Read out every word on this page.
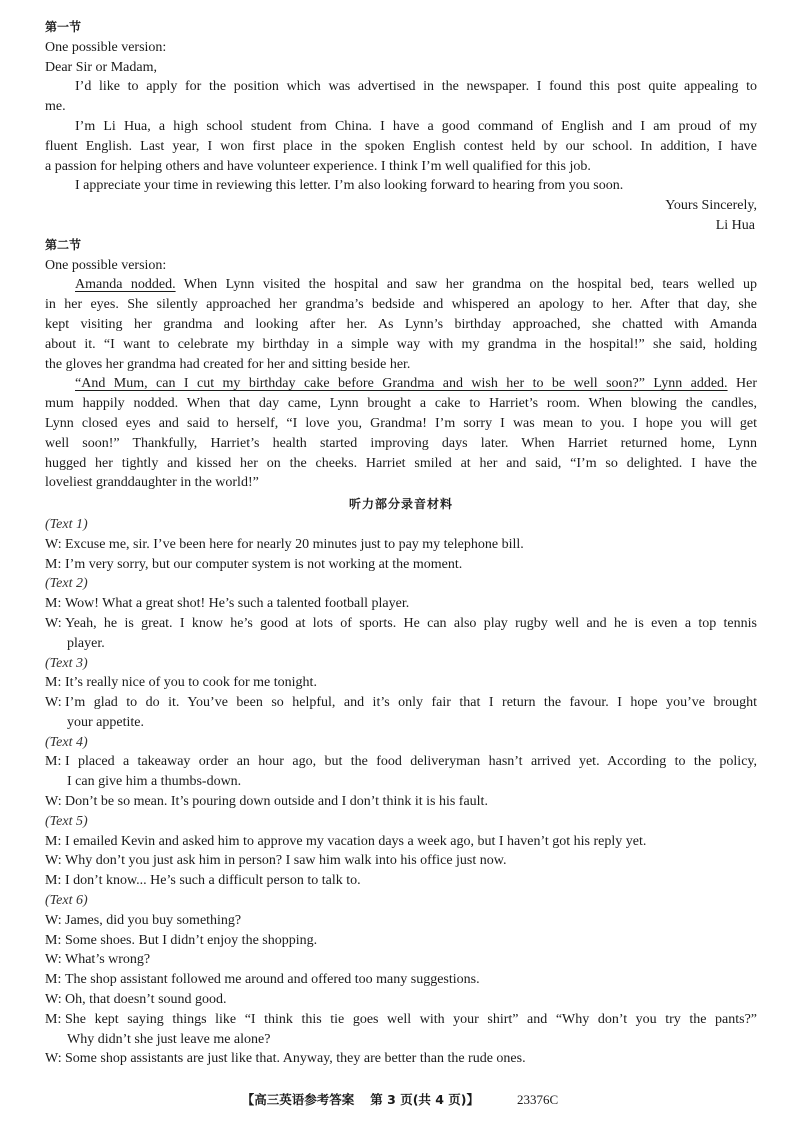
第一节
One possible version:
Dear Sir or Madam,
I’d like to apply for the position which was advertised in the newspaper. I found this post quite appealing to
me.
I’m Li Hua, a high school student from China. I have a good command of English and I am proud of my
fluent English. Last year, I won first place in the spoken English contest held by our school. In addition, I have
a passion for helping others and have volunteer experience. I think I’m well qualified for this job.
I appreciate your time in reviewing this letter. I’m also looking forward to hearing from you soon.
Yours Sincerely,
Li Hua
第二节
One possible version:
Amanda nodded. When Lynn visited the hospital and saw her grandma on the hospital bed, tears welled up
in her eyes. She silently approached her grandma’s bedside and whispered an apology to her. After that day, she
kept visiting her grandma and looking after her. As Lynn’s birthday approached, she chatted with Amanda
about it. “I want to celebrate my birthday in a simple way with my grandma in the hospital!” she said, holding
the gloves her grandma had created for her and sitting beside her.
“And Mum, can I cut my birthday cake before Grandma and wish her to be well soon?” Lynn added. Her
mum happily nodded. When that day came, Lynn brought a cake to Harriet’s room. When blowing the candles,
Lynn closed eyes and said to herself, “I love you, Grandma! I’m sorry I was mean to you. I hope you will get
well soon!” Thankfully, Harriet’s health started improving days later. When Harriet returned home, Lynn
hugged her tightly and kissed her on the cheeks. Harriet smiled at her and said, “I’m so delighted. I have the
loveliest granddaughter in the world!”
听力部分录音材料
(Text 1)
W: Excuse me, sir. I’ve been here for nearly 20 minutes just to pay my telephone bill.
M: I’m very sorry, but our computer system is not working at the moment.
(Text 2)
M: Wow! What a great shot! He’s such a talented football player.
W: Yeah, he is great. I know he’s good at lots of sports. He can also play rugby well and he is even a top tennis
player.
(Text 3)
M: It’s really nice of you to cook for me tonight.
W: I’m glad to do it. You’ve been so helpful, and it’s only fair that I return the favour. I hope you’ve brought
your appetite.
(Text 4)
M: I placed a takeaway order an hour ago, but the food deliveryman hasn’t arrived yet. According to the policy,
I can give him a thumbs-down.
W: Don’t be so mean. It’s pouring down outside and I don’t think it is his fault.
(Text 5)
M: I emailed Kevin and asked him to approve my vacation days a week ago, but I haven’t got his reply yet.
W: Why don’t you just ask him in person? I saw him walk into his office just now.
M: I don’t know... He’s such a difficult person to talk to.
(Text 6)
W: James, did you buy something?
M: Some shoes. But I didn’t enjoy the shopping.
W: What’s wrong?
M: The shop assistant followed me around and offered too many suggestions.
W: Oh, that doesn’t sound good.
M: She kept saying things like “I think this tie goes well with your shirt” and “Why don’t you try the pants?”
Why didn’t she just leave me alone?
W: Some shop assistants are just like that. Anyway, they are better than the rude ones.
【高三英语参考答案 第 3 页(共 4 页)】	23376C
